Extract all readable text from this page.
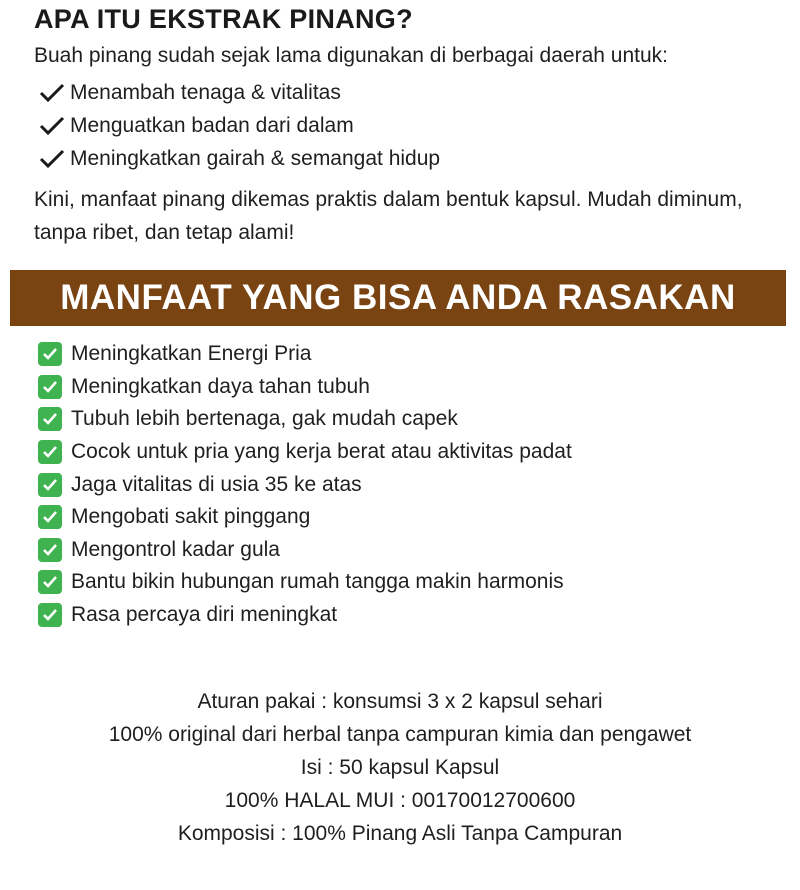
APA ITU EKSTRAK PINANG?
Buah pinang sudah sejak lama digunakan di berbagai daerah untuk:
Menambah tenaga & vitalitas
Menguatkan badan dari dalam
Meningkatkan gairah & semangat hidup
Kini, manfaat pinang dikemas praktis dalam bentuk kapsul. Mudah diminum, tanpa ribet, dan tetap alami!
MANFAAT YANG BISA ANDA RASAKAN
Meningkatkan Energi Pria
Meningkatkan daya tahan tubuh
Tubuh lebih bertenaga, gak mudah capek
Cocok untuk pria yang kerja berat atau aktivitas padat
Jaga vitalitas di usia 35 ke atas
Mengobati sakit pinggang
Mengontrol kadar gula
Bantu bikin hubungan rumah tangga makin harmonis
Rasa percaya diri meningkat
Aturan pakai : konsumsi 3 x 2 kapsul sehari
100% original dari herbal tanpa campuran kimia dan pengawet
Isi : 50 kapsul Kapsul
100% HALAL MUI : 00170012700600
Komposisi : 100% Pinang Asli Tanpa Campuran
